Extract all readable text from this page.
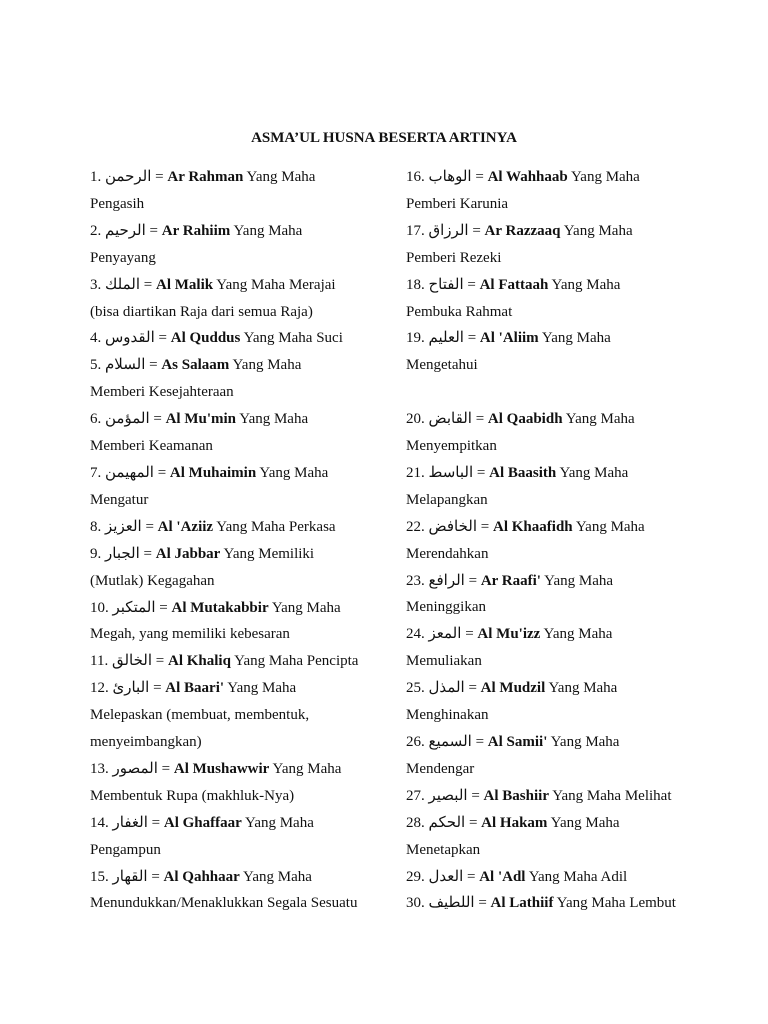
ASMA’UL HUSNA BESERTA ARTINYA
1. الرحمن = Ar Rahman Yang Maha
Pengasih
2. الرحيم = Ar Rahiim Yang Maha
Penyayang
3. الملك = Al Malik Yang Maha Merajai
(bisa diartikan Raja dari semua Raja)
4. القدوس = Al Quddus Yang Maha Suci
5. السلام = As Salaam Yang Maha
Memberi Kesejahteraan
6. المؤمن = Al Mu'min Yang Maha
Memberi Keamanan
7. المهيمن = Al Muhaimin Yang Maha
Mengatur
8. العزيز = Al 'Aziiz Yang Maha Perkasa
9. الجبار = Al Jabbar Yang Memiliki
(Mutlak) Kegagahan
10. المتكبر = Al Mutakabbir Yang Maha
Megah, yang memiliki kebesaran
11. الخالق = Al Khaliq Yang Maha Pencipta
12. البارئ = Al Baari' Yang Maha
Melepaskan (membuat, membentuk,
menyeimbangkan)
13. المصور = Al Mushawwir Yang Maha
Membentuk Rupa (makhluk-Nya)
14. الغفار = Al Ghaffaar Yang Maha
Pengampun
15. القهار = Al Qahhaar Yang Maha
Menundukkan/Menaklukkan Segala Sesuatu
16. الوهاب = Al Wahhaab Yang Maha
Pemberi Karunia
17. الرزاق = Ar Razzaaq Yang Maha
Pemberi Rezeki
18. الفتاح = Al Fattaah Yang Maha
Pembuka Rahmat
19. العليم = Al 'Aliim Yang Maha
Mengetahui
20. القابض = Al Qaabidh Yang Maha
Menyempitkan
21. الباسط = Al Baasith Yang Maha
Melapangkan
22. الخافض = Al Khaafidh Yang Maha
Merendahkan
23. الرافع = Ar Raafi' Yang Maha
Meninggikan
24. المعز = Al Mu'izz Yang Maha
Memuliakan
25. المذل = Al Mudzil Yang Maha
Menghinakan
26. السميع = Al Samii' Yang Maha
Mendengar
27. البصير = Al Bashiir Yang Maha Melihat
28. الحكم = Al Hakam Yang Maha
Menetapkan
29. العدل = Al 'Adl Yang Maha Adil
30. اللطيف = Al Lathiif Yang Maha Lembut
